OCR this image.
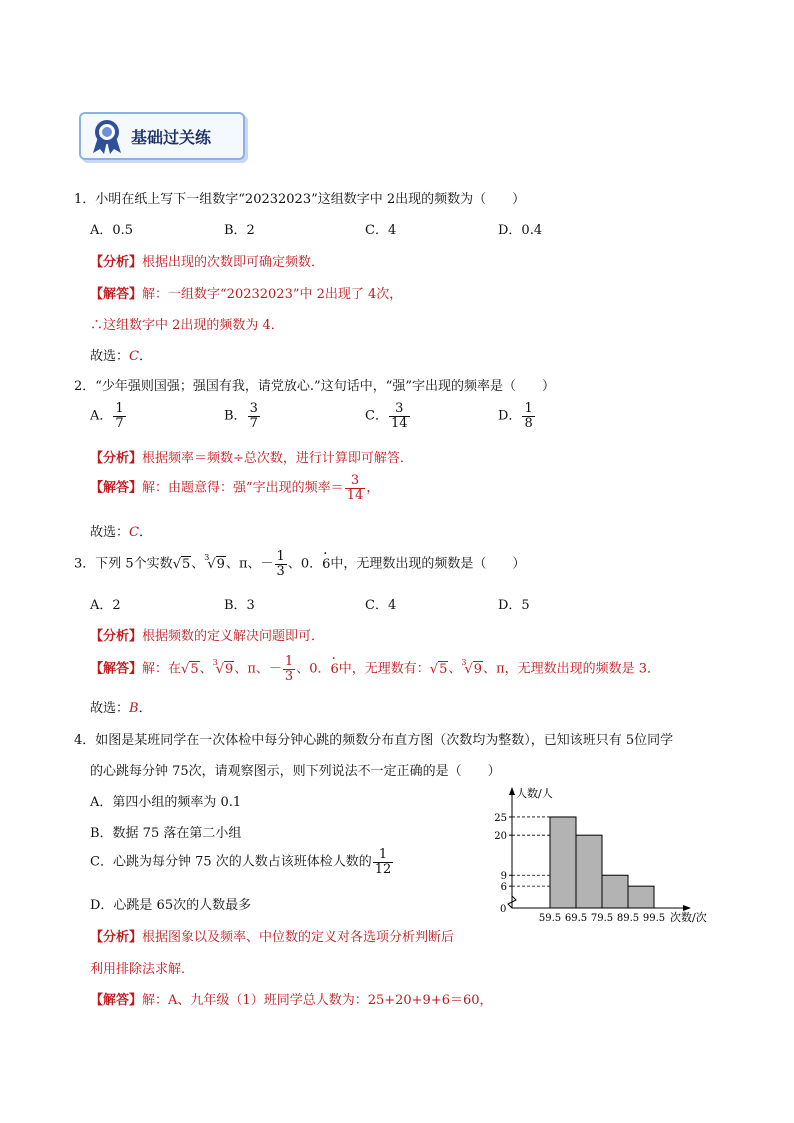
基础过关练
1．小明在纸上写下一组数字“20232023”这组数字中 2出现的频数为（　　）
A．0.5	B．2	C．4	D．0.4
【分析】根据出现的次数即可确定频数．
【解答】解：一组数字“20232023”中 2出现了 4次，
∴这组数字中 2出现的频数为 4．
故选：C．
2．“少年强则国强；强国有我，请党放心.”这句话中，“强”字出现的频率是（　　）
A． $\frac{1}{7}$	B． $\frac{3}{7}$	C． $\frac{3}{14}$	D． $\frac{1}{8}$
【分析】根据频率＝频数÷总次数，进行计算即可解答．
【解答】解：由题意得：强”字出现的频率＝ $\frac{3}{14}$ ，
故选：C．
3．下列 5个实数√5、$^3$√9、π、－ $\frac{1}{3}$ 、0．· 6中，无理数出现的频数是（　　）
A．2	B．3	C．4	D．5
【分析】根据频数的定义解决问题即可．
【解答】解：在√5、$^3$√9、π、－ $\frac{1}{3}$ 、0．· 6中，无理数有：√5、$^3$√9、π，无理数出现的频数是 3．
故选：B．
4．如图是某班同学在一次体检中每分钟心跳的频数分布直方图（次数均为整数），已知该班只有 5位同学
的心跳每分钟 75次，请观察图示，则下列说法不一定正确的是（　　）
A．第四小组的频率为 0.1
B．数据 75 落在第二小组
C．心跳为每分钟 75 次的人数占该班体检人数的 $\frac{1}{12}$
D．心跳是 65次的人数最多
【分析】根据图象以及频率、中位数的定义对各选项分析判断后
利用排除法求解．
【解答】解：A、九年级（1）班同学总人数为：25+20+9+6＝60，
人数/人
次数/次
0
25
20
9
6
59.5 69.5 79.5 89.5 99.5
